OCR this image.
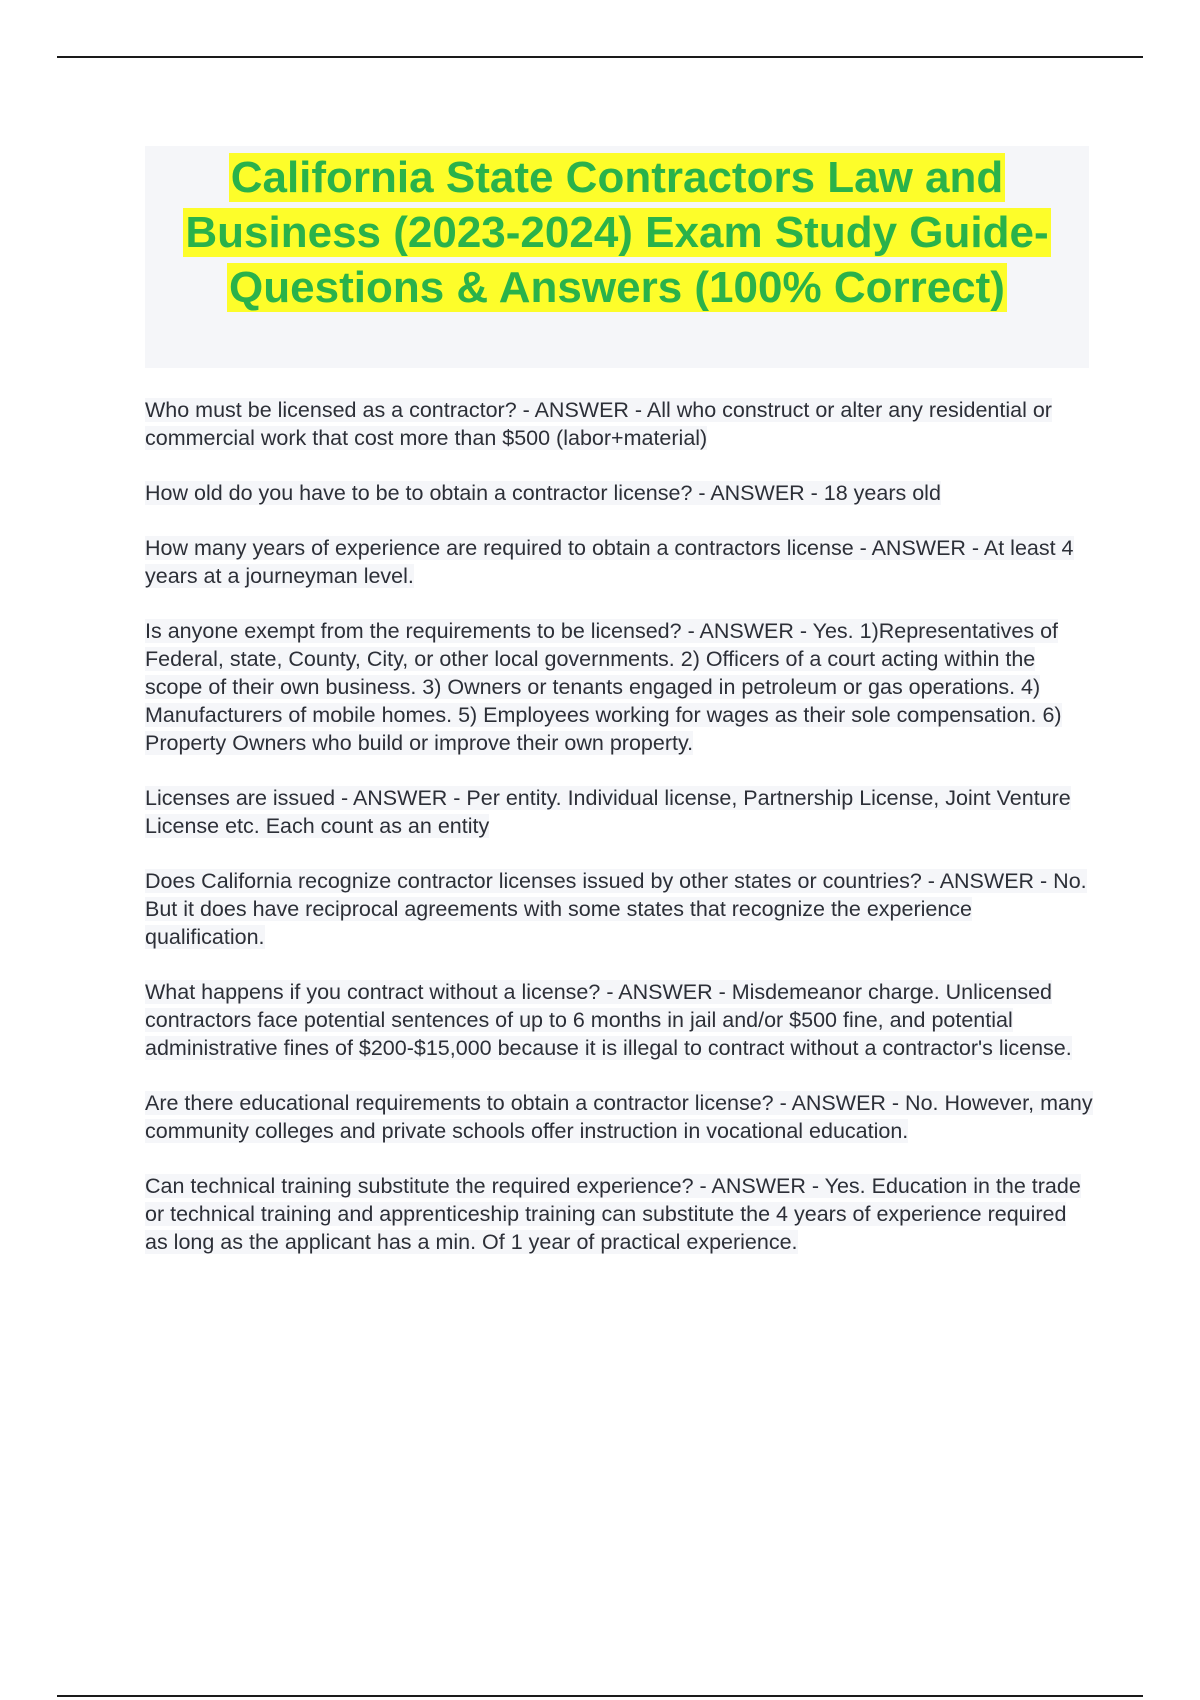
California State Contractors Law and Business (2023-2024) Exam Study Guide- Questions & Answers (100% Correct)

Who must be licensed as a contractor? - ANSWER - All who construct or alter any residential or commercial work that cost more than $500 (labor+material)

How old do you have to be to obtain a contractor license? - ANSWER - 18 years old

How many years of experience are required to obtain a contractors license - ANSWER - At least 4 years at a journeyman level.

Is anyone exempt from the requirements to be licensed? - ANSWER - Yes. 1)Representatives of Federal, state, County, City, or other local governments. 2) Officers of a court acting within the scope of their own business. 3) Owners or tenants engaged in petroleum or gas operations. 4) Manufacturers of mobile homes. 5) Employees working for wages as their sole compensation. 6) Property Owners who build or improve their own property.

Licenses are issued - ANSWER - Per entity. Individual license, Partnership License, Joint Venture License etc. Each count as an entity

Does California recognize contractor licenses issued by other states or countries? - ANSWER - No. But it does have reciprocal agreements with some states that recognize the experience qualification.

What happens if you contract without a license? - ANSWER - Misdemeanor charge. Unlicensed contractors face potential sentences of up to 6 months in jail and/or $500 fine, and potential administrative fines of $200-$15,000 because it is illegal to contract without a contractor's license.

Are there educational requirements to obtain a contractor license? - ANSWER - No. However, many community colleges and private schools offer instruction in vocational education.

Can technical training substitute the required experience? - ANSWER - Yes. Education in the trade or technical training and apprenticeship training can substitute the 4 years of experience required as long as the applicant has a min. Of 1 year of practical experience.
